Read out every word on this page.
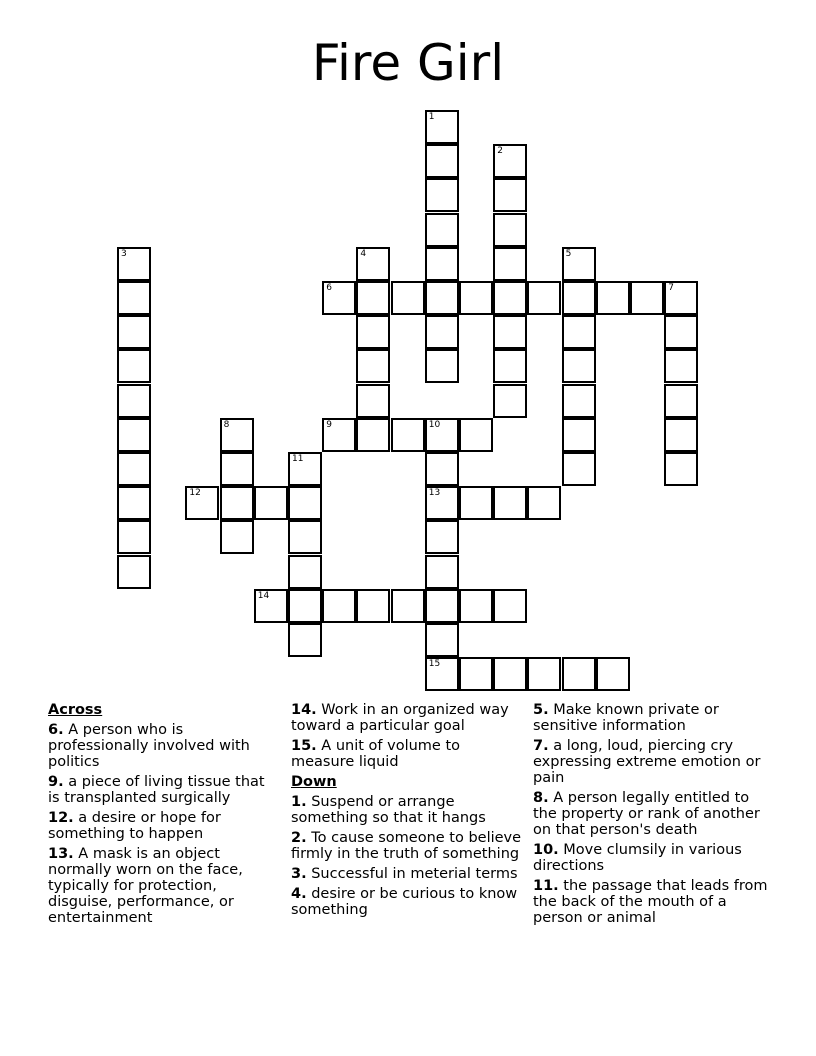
Fire Girl
1
2
3	4	5
6	7
8	9	10
13
11
12
14
15
Across
6. A person who is professionally involved with politics
9. a piece of living tissue that is transplanted surgically
12. a desire or hope for something to happen
13. A mask is an object normally worn on the face, typically for protection, disguise, performance, or entertainment
14. Work in an organized way toward a particular goal
15. A unit of volume to measure liquid
Down
1. Suspend or arrange something so that it hangs
2. To cause someone to believe firmly in the truth of something
3. Successful in meterial terms
4. desire or be curious to know something
5. Make known private or sensitive information
7. a long, loud, piercing cry expressing extreme emotion or pain
8. A person legally entitled to the property or rank of another on that person's death
10. Move clumsily in various directions
11. the passage that leads from the back of the mouth of a person or animal
